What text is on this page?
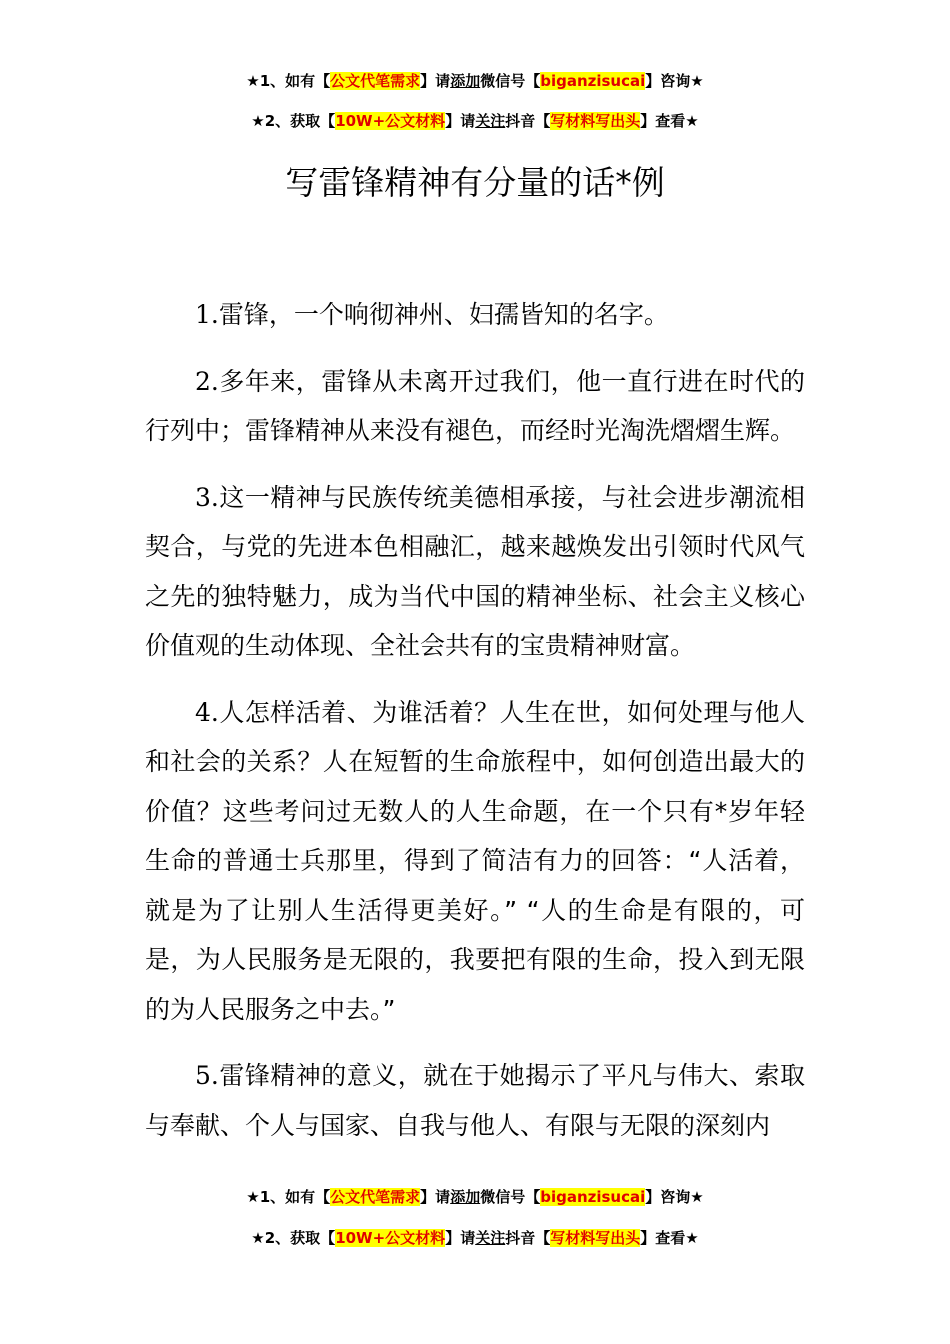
★1、如有【公文代笔需求】请添加微信号【biganzisucai】咨询★
★2、获取【10W+公文材料】请关注抖音【写材料写出头】查看★
写雷锋精神有分量的话*例

1.雷锋，一个响彻神州、妇孺皆知的名字。

2.多年来，雷锋从未离开过我们，他一直行进在时代的行列中；雷锋精神从来没有褪色，而经时光淘洗熠熠生辉。

3.这一精神与民族传统美德相承接，与社会进步潮流相契合，与党的先进本色相融汇，越来越焕发出引领时代风气之先的独特魅力，成为当代中国的精神坐标、社会主义核心价值观的生动体现、全社会共有的宝贵精神财富。

4.人怎样活着、为谁活着？人生在世，如何处理与他人和社会的关系？人在短暂的生命旅程中，如何创造出最大的价值？这些考问过无数人的人生命题，在一个只有*岁年轻生命的普通士兵那里，得到了简洁有力的回答：“人活着，就是为了让别人生活得更美好。” “人的生命是有限的，可是，为人民服务是无限的，我要把有限的生命，投入到无限的为人民服务之中去。”

5.雷锋精神的意义，就在于她揭示了平凡与伟大、索取与奉献、个人与国家、自我与他人、有限与无限的深刻内

★1、如有【公文代笔需求】请添加微信号【biganzisucai】咨询★
★2、获取【10W+公文材料】请关注抖音【写材料写出头】查看★
